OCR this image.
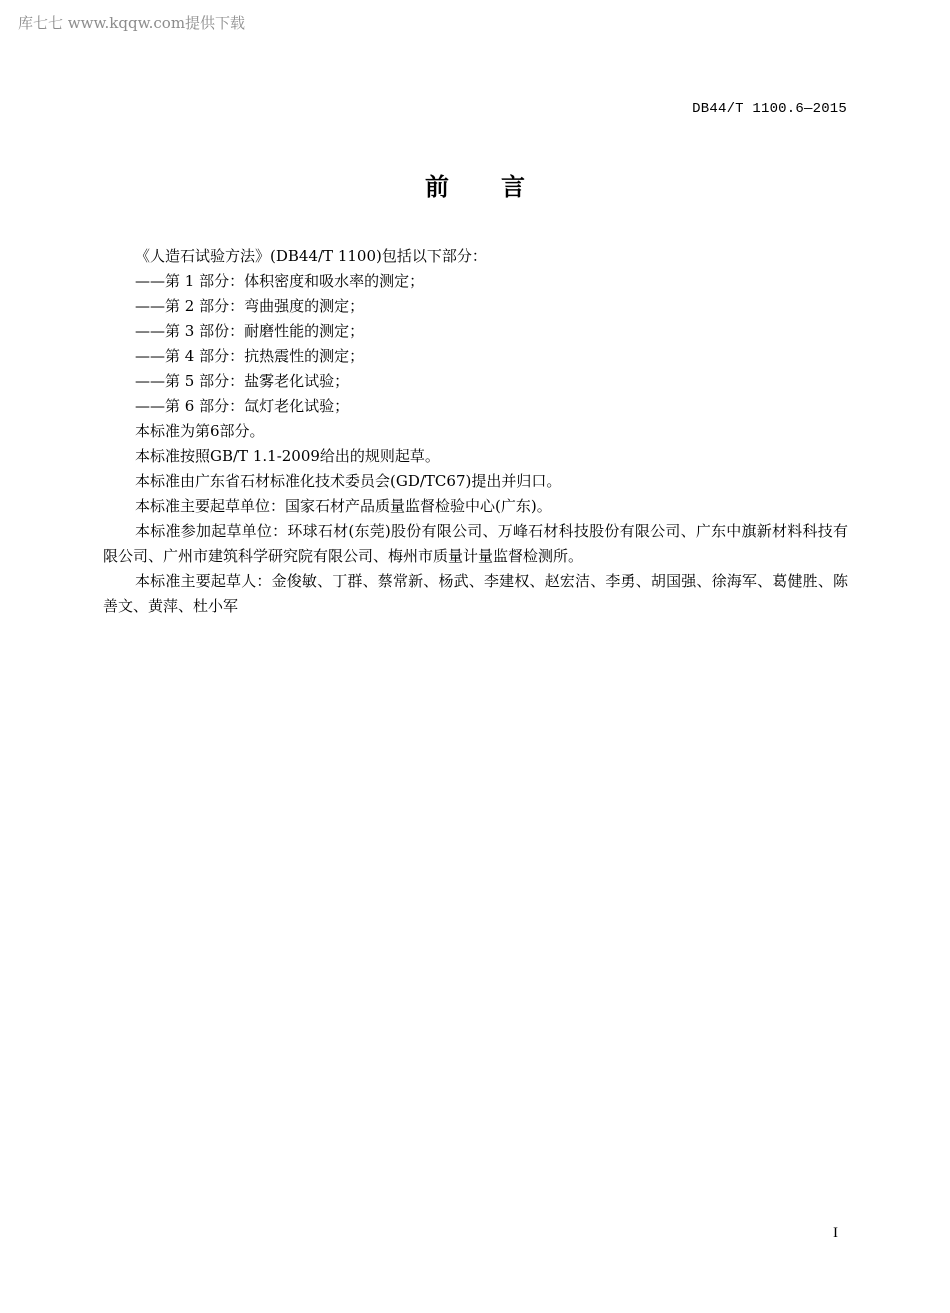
库七七 www.kqqw.com提供下载
DB44/T 1100.6—2015
前言

《人造石试验方法》(DB44/T 1100)包括以下部分：

——第 1 部分：体积密度和吸水率的测定；

——第 2 部分：弯曲强度的测定；

——第 3 部份：耐磨性能的测定；

——第 4 部分：抗热震性的测定；

——第 5 部分：盐雾老化试验；

——第 6 部分：氙灯老化试验；

本标准为第6部分。

本标准按照GB/T 1.1-2009给出的规则起草。

本标准由广东省石材标准化技术委员会(GD/TC67)提出并归口。

本标准主要起草单位：国家石材产品质量监督检验中心(广东)。

本标准参加起草单位：环球石材(东莞)股份有限公司、万峰石材科技股份有限公司、广东中旗新材料科技有限公司、广州市建筑科学研究院有限公司、梅州市质量计量监督检测所。

本标准主要起草人：金俊敏、丁群、蔡常新、杨武、李建权、赵宏洁、李勇、胡国强、徐海军、葛健胜、陈善文、黄萍、杜小军

I
